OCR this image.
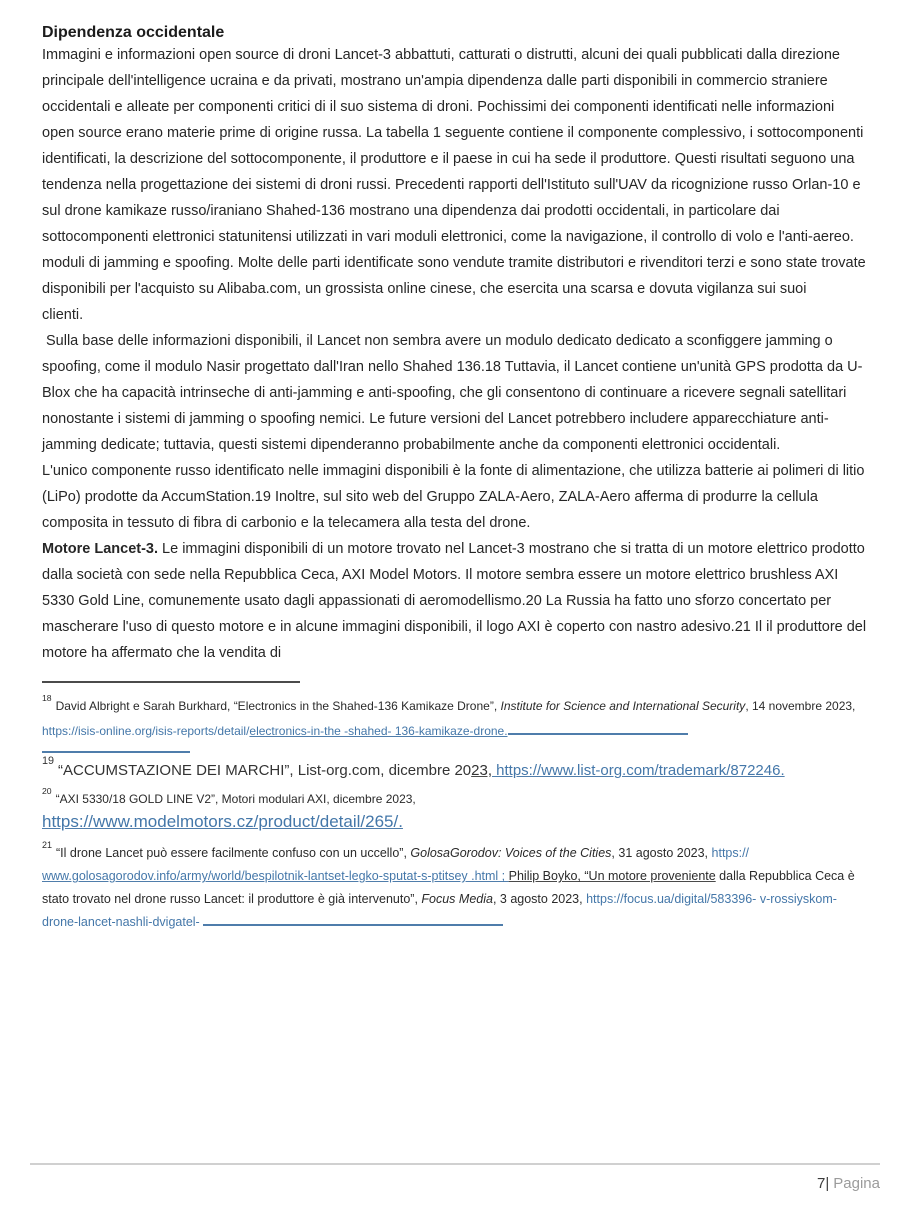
Dipendenza occidentale

Immagini e informazioni open source di droni Lancet-3 abbattuti, catturati o distrutti, alcuni dei quali pubblicati dalla direzione principale dell'intelligence ucraina e da privati, mostrano un'ampia dipendenza dalle parti disponibili in commercio straniere occidentali e alleate per componenti critici di il suo sistema di droni. Pochissimi dei componenti identificati nelle informazioni open source erano materie prime di origine russa. La tabella 1 seguente contiene il componente complessivo, i sottocomponenti identificati, la descrizione del sottocomponente, il produttore e il paese in cui ha sede il produttore. Questi risultati seguono una tendenza nella progettazione dei sistemi di droni russi. Precedenti rapporti dell'Istituto sull'UAV da ricognizione russo Orlan-10 e sul drone kamikaze russo/iraniano Shahed-136 mostrano una dipendenza dai prodotti occidentali, in particolare dai sottocomponenti elettronici statunitensi utilizzati in vari moduli elettronici, come la navigazione, il controllo di volo e l'anti-aereo. moduli di jamming e spoofing. Molte delle parti identificate sono vendute tramite distributori e rivenditori terzi e sono state trovate disponibili per l'acquisto su Alibaba.com, un grossista online cinese, che esercita una scarsa e dovuta vigilanza sui suoi

clienti.

Sulla base delle informazioni disponibili, il Lancet non sembra avere un modulo dedicato dedicato a sconfiggere jamming o spoofing, come il modulo Nasir progettato dall'Iran nello Shahed 136.18 Tuttavia, il Lancet contiene un'unità GPS prodotta da U-Blox che ha capacità intrinseche di anti-jamming e anti-spoofing, che gli consentono di continuare a ricevere segnali satellitari nonostante i sistemi di jamming o spoofing nemici. Le future versioni del Lancet potrebbero includere apparecchiature anti-jamming dedicate; tuttavia, questi sistemi dipenderanno probabilmente anche da componenti elettronici occidentali.

L'unico componente russo identificato nelle immagini disponibili è la fonte di alimentazione, che utilizza batterie ai polimeri di litio (LiPo) prodotte da AccumStation.19 Inoltre, sul sito web del Gruppo ZALA-Aero, ZALA-Aero afferma di produrre la cellula composita in tessuto di fibra di carbonio e la telecamera alla testa del drone.

Motore Lancet-3. Le immagini disponibili di un motore trovato nel Lancet-3 mostrano che si tratta di un motore elettrico prodotto dalla società con sede nella Repubblica Ceca, AXI Model Motors. Il motore sembra essere un motore elettrico brushless AXI 5330 Gold Line, comunemente usato dagli appassionati di aeromodellismo.20 La Russia ha fatto uno sforzo concertato per mascherare l'uso di questo motore e in alcune immagini disponibili, il logo AXI è coperto con nastro adesivo.21 Il il produttore del motore ha affermato che la vendita di

$^{18}$David Albright e Sarah Burkhard, “Electronics in the Shahed-136 Kamikaze Drone”, Institute for Science and International Security, 14 novembre 2023, https://isis-online.org/isis-reports/detail/electronics-in-the -shahed- 136-kamikaze-drone.
$^{19}$“ACCUMSTAZIONE DEI MARCHI”, List-org.com, dicembre 2023, https://www.list-org.com/trademark/872246.
$^{20}$“AXI 5330/18 GOLD LINE V2”, Motori modulari AXI, dicembre 2023,
https://www.modelmotors.cz/product/detail/265/.
$^{21}$“Il drone Lancet può essere facilmente confuso con un uccello”, GolosaGorodov: Voices of the Cities, 31 agosto 2023, https:// www.golosagorodov.info/army/world/bespilotnik-lantset-legko-sputat-s-ptitsey .html ; Philip Boyko, “Un motore proveniente dalla Repubblica Ceca è stato trovato nel drone russo Lancet: il produttore è già intervenuto”, Focus Media, 3 agosto 2023, https://focus.ua/digital/583396- v-rossiyskom- drone-lancet-nashli-dvigatel-
7| Pagina
